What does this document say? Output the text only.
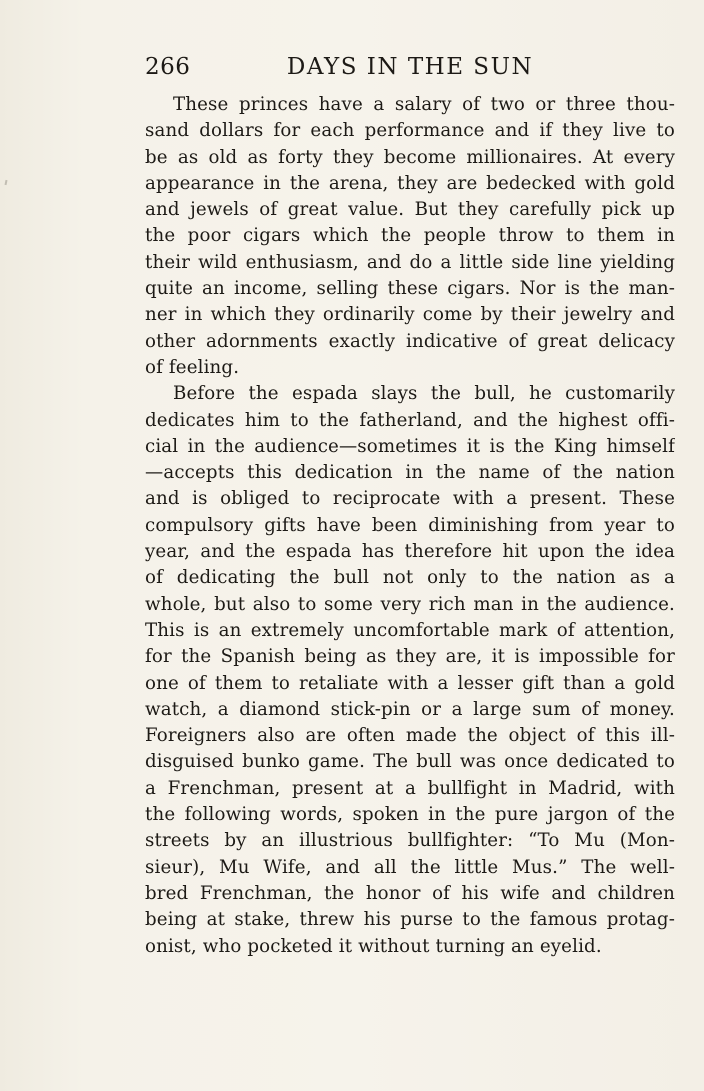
266	DAYS IN THE SUN
These princes have a salary of two or three thou-
sand dollars for each performance and if they live to
be as old as forty they become millionaires. At every
appearance in the arena, they are bedecked with gold
and jewels of great value. But they carefully pick up
the poor cigars which the people throw to them in
their wild enthusiasm, and do a little side line yielding
quite an income, selling these cigars. Nor is the man-
ner in which they ordinarily come by their jewelry and
other adornments exactly indicative of great delicacy
of feeling.
Before the espada slays the bull, he customarily
dedicates him to the fatherland, and the highest offi-
cial in the audience—sometimes it is the King himself
—accepts this dedication in the name of the nation
and is obliged to reciprocate with a present. These
compulsory gifts have been diminishing from year to
year, and the espada has therefore hit upon the idea
of dedicating the bull not only to the nation as a
whole, but also to some very rich man in the audience.
This is an extremely uncomfortable mark of attention,
for the Spanish being as they are, it is impossible for
one of them to retaliate with a lesser gift than a gold
watch, a diamond stick-pin or a large sum of money.
Foreigners also are often made the object of this ill-
disguised bunko game. The bull was once dedicated to
a Frenchman, present at a bullfight in Madrid, with
the following words, spoken in the pure jargon of the
streets by an illustrious bullfighter: “To Mu (Mon-
sieur), Mu Wife, and all the little Mus.” The well-
bred Frenchman, the honor of his wife and children
being at stake, threw his purse to the famous protag-
onist, who pocketed it without turning an eyelid.
